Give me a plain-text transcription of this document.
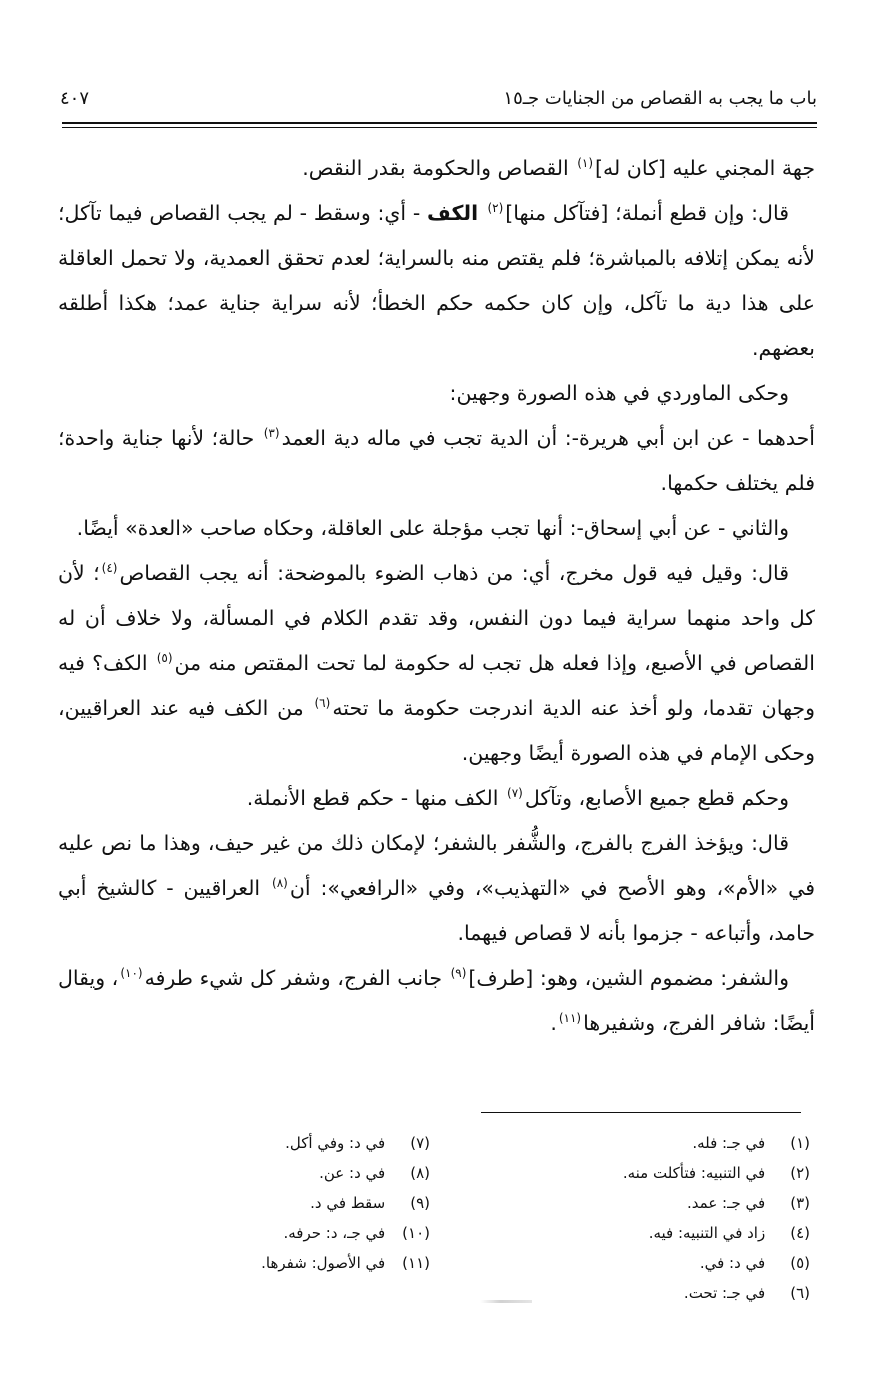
باب ما يجب به القصاص من الجنايات جـ١٥
٤٠٧

جهة المجني عليه [كان له]$^{(١)}$ القصاص والحكومة بقدر النقص.

قال: وإن قطع أنملة؛ [فتآكل منها]$^{(٢)}$ الكف - أي: وسقط - لم يجب القصاص فيما تآكل؛ لأنه يمكن إتلافه بالمباشرة؛ فلم يقتص منه بالسراية؛ لعدم تحقق العمدية، ولا تحمل العاقلة على هذا دية ما تآكل، وإن كان حكمه حكم الخطأ؛ لأنه سراية جناية عمد؛ هكذا أطلقه بعضهم.

وحكى الماوردي في هذه الصورة وجهين:

أحدهما - عن ابن أبي هريرة-: أن الدية تجب في ماله دية العمد$^{(٣)}$ حالة؛ لأنها جناية واحدة؛ فلم يختلف حكمها.

والثاني - عن أبي إسحاق-: أنها تجب مؤجلة على العاقلة، وحكاه صاحب «العدة» أيضًا.

قال: وقيل فيه قول مخرج، أي: من ذهاب الضوء بالموضحة: أنه يجب القصاص$^{(٤)}$؛ لأن كل واحد منهما سراية فيما دون النفس، وقد تقدم الكلام في المسألة، ولا خلاف أن له القصاص في الأصبع، وإذا فعله هل تجب له حكومة لما تحت المقتص منه من$^{(٥)}$ الكف؟ فيه وجهان تقدما، ولو أخذ عنه الدية اندرجت حكومة ما تحته$^{(٦)}$ من الكف فيه عند العراقيين، وحكى الإمام في هذه الصورة أيضًا وجهين.

وحكم قطع جميع الأصابع، وتآكل$^{(٧)}$ الكف منها - حكم قطع الأنملة.

قال: ويؤخذ الفرج بالفرج، والشُّفر بالشفر؛ لإمكان ذلك من غير حيف، وهذا ما نص عليه في «الأم»، وهو الأصح في «التهذيب»، وفي «الرافعي»: أن$^{(٨)}$ العراقيين - كالشيخ أبي حامد، وأتباعه - جزموا بأنه لا قصاص فيهما.

والشفر: مضموم الشين، وهو: [طرف]$^{(٩)}$ جانب الفرج، وشفر كل شيء طرفه$^{(١٠)}$، ويقال أيضًا: شافر الفرج، وشفيرها$^{(١١)}$.

(١) في جـ: فله.
(٢) في التنبيه: فتأكلت منه.
(٣) في جـ: عمد.
(٤) زاد في التنبيه: فيه.
(٥) في د: في.
(٦) في جـ: تحت.
(٧) في د: وفي أكل.
(٨) في د: عن.
(٩) سقط في د.
(١٠) في جـ، د: حرفه.
(١١) في الأصول: شفرها.
